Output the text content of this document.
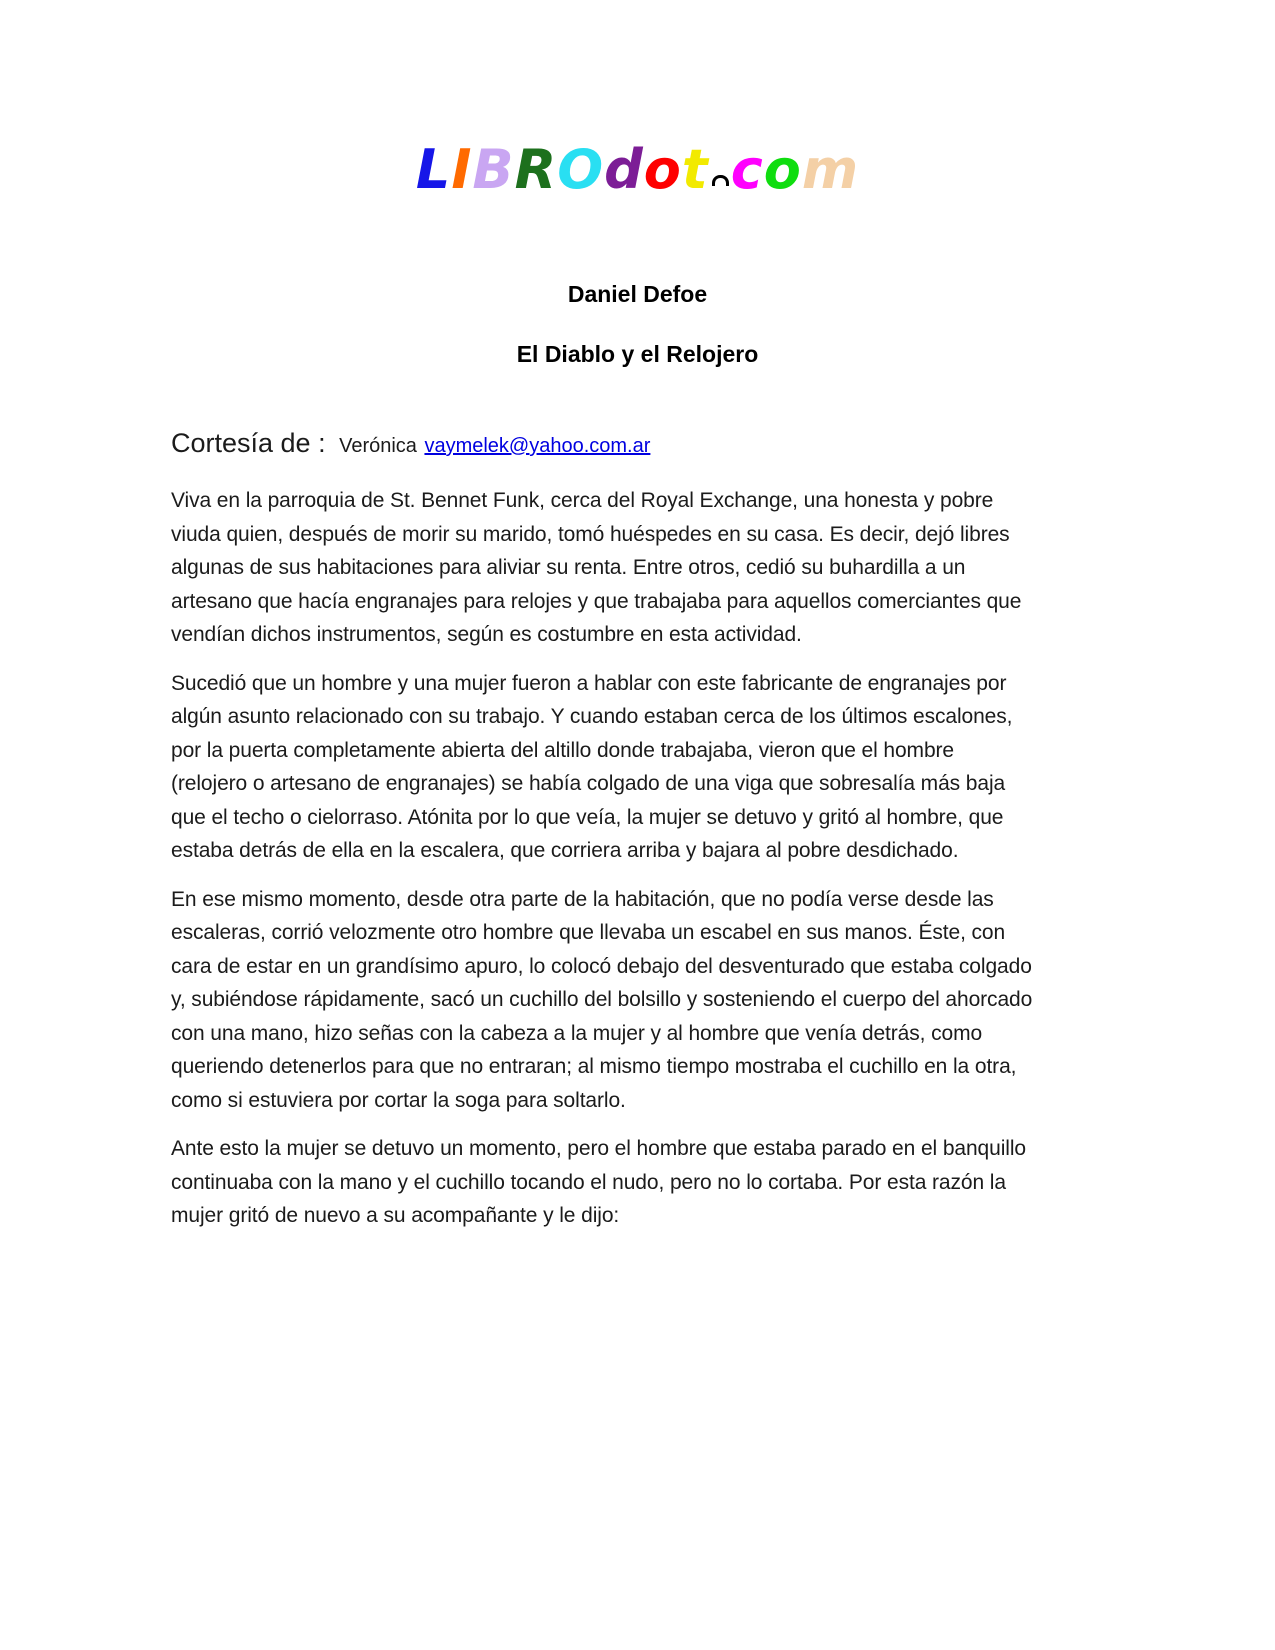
LIBROdot com
Daniel Defoe
El Diablo y el Relojero
Cortesía de : Verónica vaymelek@yahoo.com.ar

Viva en la parroquia de St. Bennet Funk, cerca del Royal Exchange, una honesta y pobre viuda quien, después de morir su marido, tomó huéspedes en su casa. Es decir, dejó libres algunas de sus habitaciones para aliviar su renta. Entre otros, cedió su buhardilla a un artesano que hacía engranajes para relojes y que trabajaba para aquellos comerciantes que vendían dichos instrumentos, según es costumbre en esta actividad.

Sucedió que un hombre y una mujer fueron a hablar con este fabricante de engranajes por algún asunto relacionado con su trabajo. Y cuando estaban cerca de los últimos escalones, por la puerta completamente abierta del altillo donde trabajaba, vieron que el hombre (relojero o artesano de engranajes) se había colgado de una viga que sobresalía más baja que el techo o cielorraso. Atónita por lo que veía, la mujer se detuvo y gritó al hombre, que estaba detrás de ella en la escalera, que corriera arriba y bajara al pobre desdichado.

En ese mismo momento, desde otra parte de la habitación, que no podía verse desde las escaleras, corrió velozmente otro hombre que llevaba un escabel en sus manos. Éste, con cara de estar en un grandísimo apuro, lo colocó debajo del desventurado que estaba colgado y, subiéndose rápidamente, sacó un cuchillo del bolsillo y sosteniendo el cuerpo del ahorcado con una mano, hizo señas con la cabeza a la mujer y al hombre que venía detrás, como queriendo detenerlos para que no entraran; al mismo tiempo mostraba el cuchillo en la otra, como si estuviera por cortar la soga para soltarlo.

Ante esto la mujer se detuvo un momento, pero el hombre que estaba parado en el banquillo continuaba con la mano y el cuchillo tocando el nudo, pero no lo cortaba. Por esta razón la mujer gritó de nuevo a su acompañante y le dijo:
